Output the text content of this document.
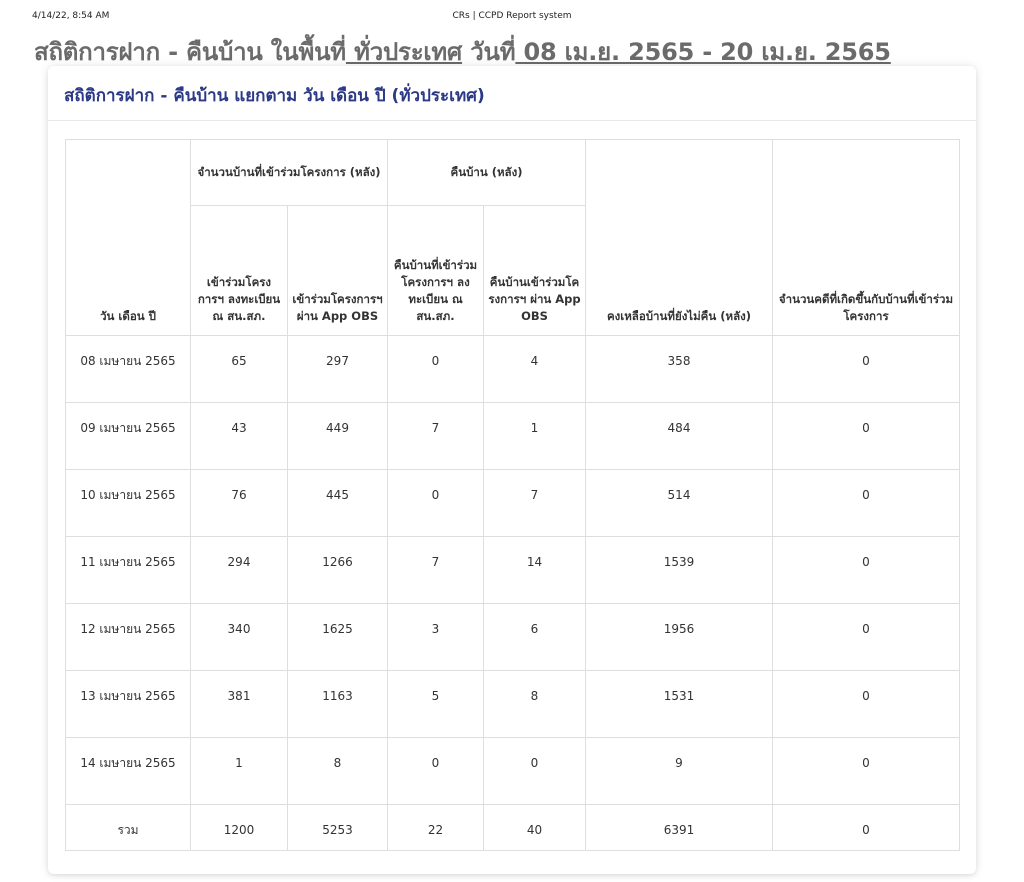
4/14/22, 8:54 AM	CRs | CCPD Report system
สถิติการฝาก - คืนบ้าน ในพื้นที่ ทั่วประเทศ วันที่ 08 เม.ย. 2565 - 20 เม.ย. 2565
สถิติการฝาก - คืนบ้าน แยกตาม วัน เดือน ปี (ทั่วประเทศ)
วัน เดือน ปี	จำนวนบ้านที่เข้าร่วมโครงการ (หลัง)		คืนบ้าน (หลัง)		คงเหลือบ้านที่ยังไม่คืน (หลัง)	จำนวนคดีที่เกิดขึ้นกับบ้านที่เข้าร่วมโครงการ
	เข้าร่วมโครงการฯ ลงทะเบียน ณ สน.สภ.	เข้าร่วมโครงการฯ ผ่าน App OBS	คืนบ้านที่เข้าร่วมโครงการฯ ลงทะเบียน ณ สน.สภ.	คืนบ้านเข้าร่วมโครงการฯ ผ่าน App OBS		
08 เมษายน 2565	65	297	0	4	358	0
09 เมษายน 2565	43	449	7	1	484	0
10 เมษายน 2565	76	445	0	7	514	0
11 เมษายน 2565	294	1266	7	14	1539	0
12 เมษายน 2565	340	1625	3	6	1956	0
13 เมษายน 2565	381	1163	5	8	1531	0
14 เมษายน 2565	1	8	0	0	9	0
รวม	1200	5253	22	40	6391	0
